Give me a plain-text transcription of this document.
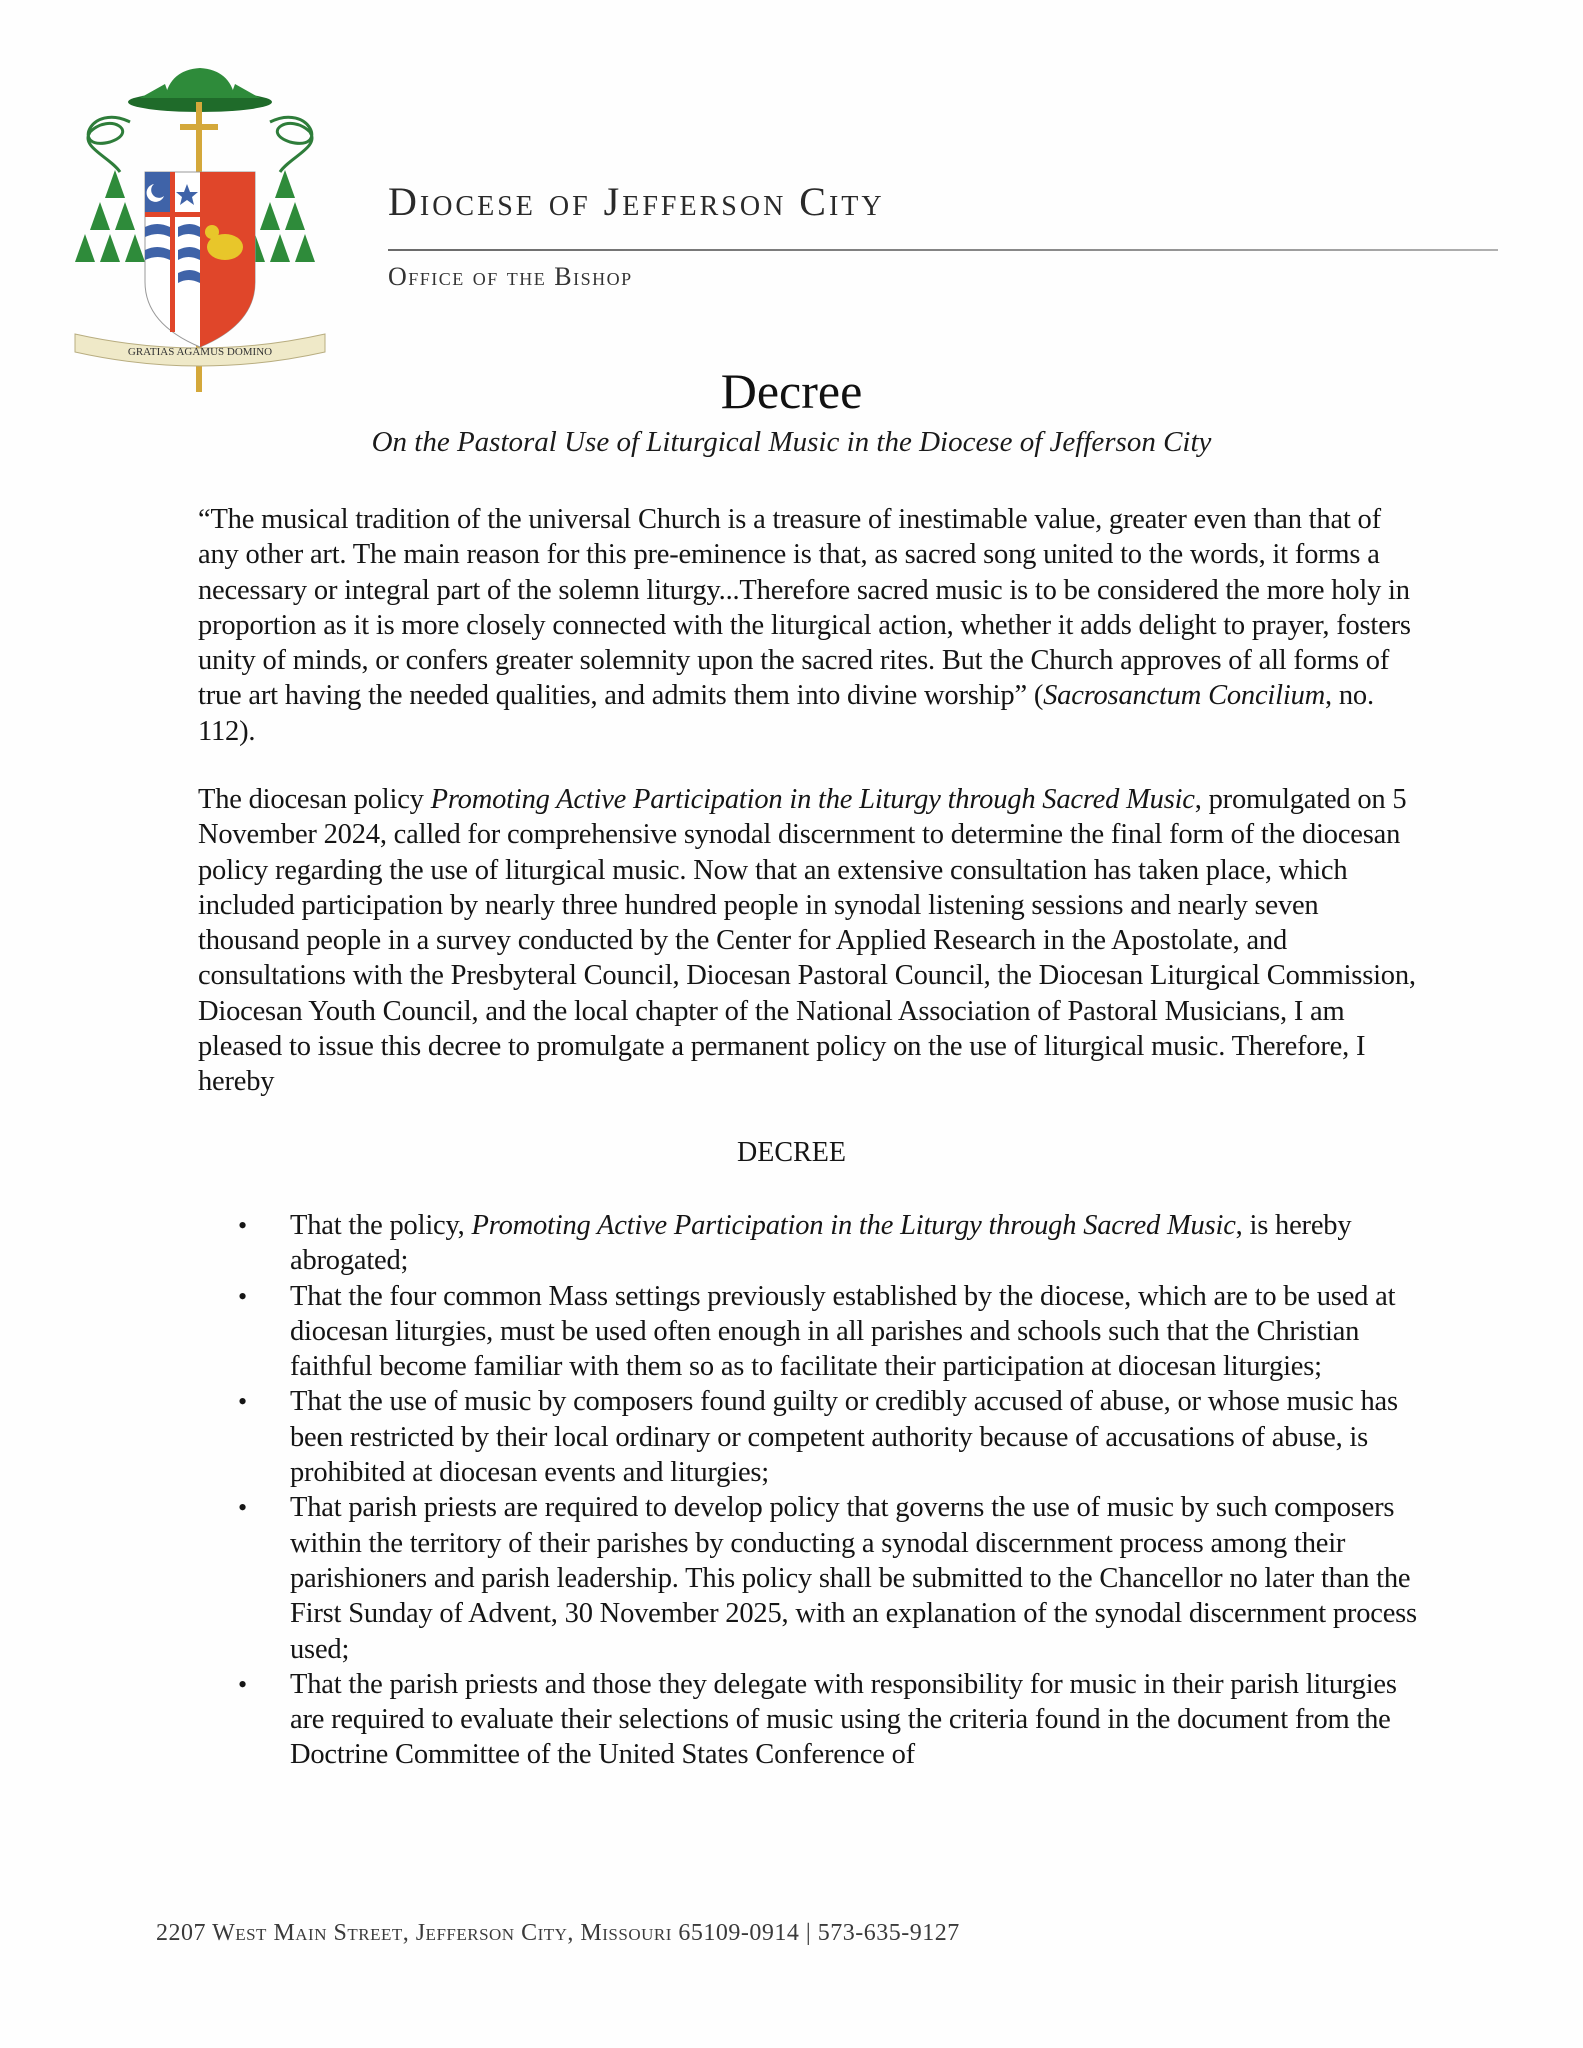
GRATIAS AGAMUS DOMINO
Diocese of Jefferson City
Office of the Bishop
Decree
On the Pastoral Use of Liturgical Music in the Diocese of Jefferson City

“The musical tradition of the universal Church is a treasure of inestimable value, greater even than that of any other art. The main reason for this pre-eminence is that, as sacred song united to the words, it forms a necessary or integral part of the solemn liturgy...Therefore sacred music is to be considered the more holy in proportion as it is more closely connected with the liturgical action, whether it adds delight to prayer, fosters unity of minds, or confers greater solemnity upon the sacred rites. But the Church approves of all forms of true art having the needed qualities, and admits them into divine worship” (Sacrosanctum Concilium, no. 112).

The diocesan policy Promoting Active Participation in the Liturgy through Sacred Music, promulgated on 5 November 2024, called for comprehensive synodal discernment to determine the final form of the diocesan policy regarding the use of liturgical music. Now that an extensive consultation has taken place, which included participation by nearly three hundred people in synodal listening sessions and nearly seven thousand people in a survey conducted by the Center for Applied Research in the Apostolate, and consultations with the Presbyteral Council, Diocesan Pastoral Council, the Diocesan Liturgical Commission, Diocesan Youth Council, and the local chapter of the National Association of Pastoral Musicians, I am pleased to issue this decree to promulgate a permanent policy on the use of liturgical music. Therefore, I hereby

DECREE
• That the policy, Promoting Active Participation in the Liturgy through Sacred Music, is hereby abrogated;
• That the four common Mass settings previously established by the diocese, which are to be used at diocesan liturgies, must be used often enough in all parishes and schools such that the Christian faithful become familiar with them so as to facilitate their participation at diocesan liturgies;
• That the use of music by composers found guilty or credibly accused of abuse, or whose music has been restricted by their local ordinary or competent authority because of accusations of abuse, is prohibited at diocesan events and liturgies;
• That parish priests are required to develop policy that governs the use of music by such composers within the territory of their parishes by conducting a synodal discernment process among their parishioners and parish leadership. This policy shall be submitted to the Chancellor no later than the First Sunday of Advent, 30 November 2025, with an explanation of the synodal discernment process used;
• That the parish priests and those they delegate with responsibility for music in their parish liturgies are required to evaluate their selections of music using the criteria found in the document from the Doctrine Committee of the United States Conference of
2207 West Main Street, Jefferson City, Missouri 65109-0914 | 573-635-9127
